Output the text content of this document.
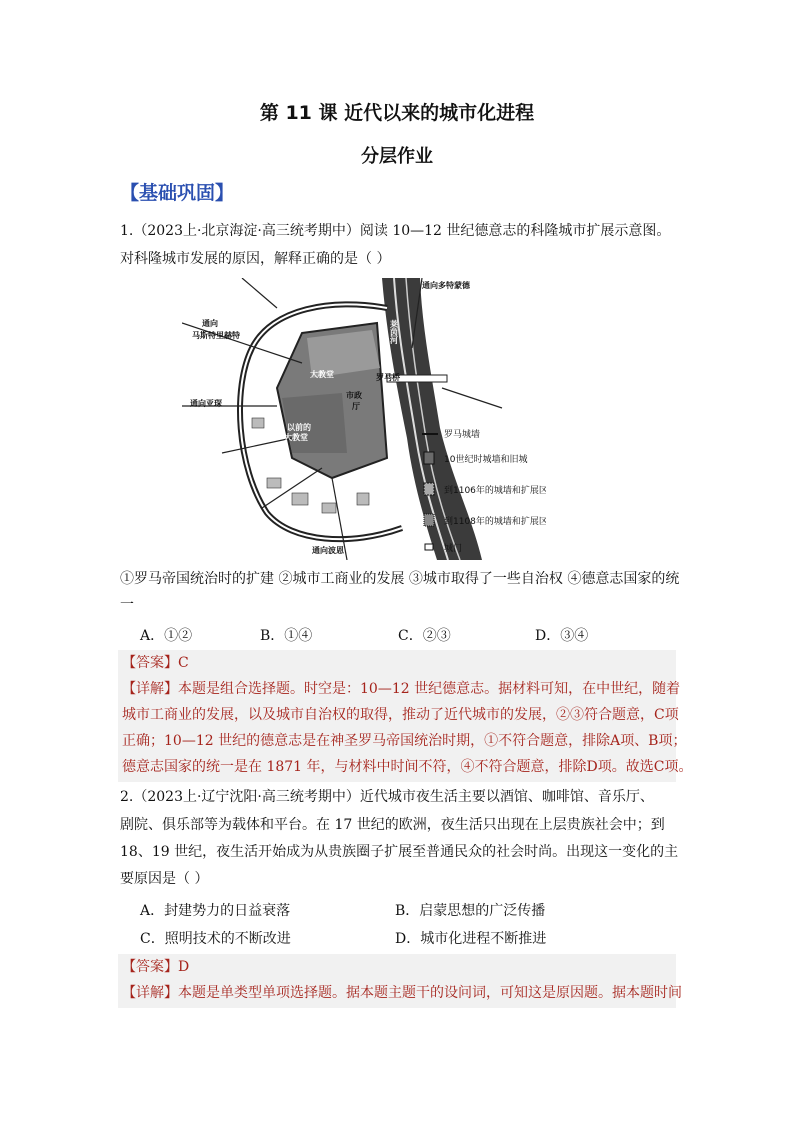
第 11 课 近代以来的城市化进程
分层作业
【基础巩固】
1.（2023上·北京海淀·高三统考期中）阅读 10—12 世纪德意志的科隆城市扩展示意图。
对科隆城市发展的原因，解释正确的是（ ）
通向多特蒙德
通向
马斯特里赫特
通向亚琛
通向波恩
大教堂
以前的
大教堂
市政
厅
罗马桥
莱茵河
罗马城墙
10世纪时城墙和旧城
到1106年的城墙和扩展区
到1108年的城墙和扩展区
城门
①罗马帝国统治时的扩建 ②城市工商业的发展 ③城市取得了一些自治权 ④德意志国家的统
一
A．①②	B．①④	C．②③	D．③④
【答案】C
【详解】本题是组合选择题。时空是：10—12 世纪德意志。据材料可知，在中世纪，随着
城市工商业的发展，以及城市自治权的取得，推动了近代城市的发展，②③符合题意，C项
正确；10—12 世纪的德意志是在神圣罗马帝国统治时期，①不符合题意，排除A项、B项；
德意志国家的统一是在 1871 年，与材料中时间不符，④不符合题意，排除D项。故选C项。
2.（2023上·辽宁沈阳·高三统考期中）近代城市夜生活主要以酒馆、咖啡馆、音乐厅、
剧院、俱乐部等为载体和平台。在 17 世纪的欧洲，夜生活只出现在上层贵族社会中；到
18、19 世纪，夜生活开始成为从贵族圈子扩展至普通民众的社会时尚。出现这一变化的主
要原因是（ ）
A．封建势力的日益衰落	B．启蒙思想的广泛传播
C．照明技术的不断改进	D．城市化进程不断推进
【答案】D
【详解】本题是单类型单项选择题。据本题主题干的设问词，可知这是原因题。据本题时间
